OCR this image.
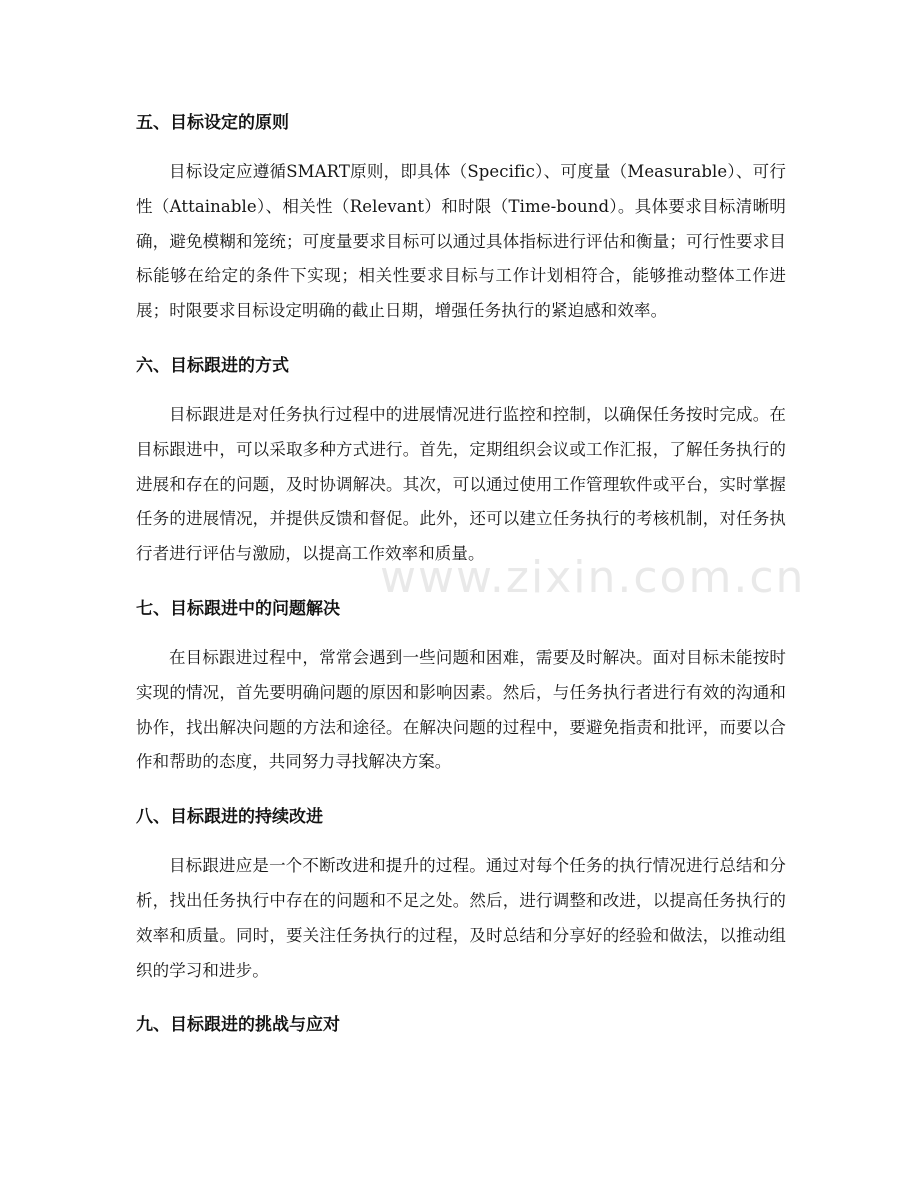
www.zixin.com.cn
五、目标设定的原则

目标设定应遵循SMART原则，即具体（Specific）、可度量（Measurable）、可行性（Attainable）、相关性（Relevant）和时限（Time-bound）。具体要求目标清晰明确，避免模糊和笼统；可度量要求目标可以通过具体指标进行评估和衡量；可行性要求目标能够在给定的条件下实现；相关性要求目标与工作计划相符合，能够推动整体工作进展；时限要求目标设定明确的截止日期，增强任务执行的紧迫感和效率。

六、目标跟进的方式

目标跟进是对任务执行过程中的进展情况进行监控和控制，以确保任务按时完成。在目标跟进中，可以采取多种方式进行。首先，定期组织会议或工作汇报，了解任务执行的进展和存在的问题，及时协调解决。其次，可以通过使用工作管理软件或平台，实时掌握任务的进展情况，并提供反馈和督促。此外，还可以建立任务执行的考核机制，对任务执行者进行评估与激励，以提高工作效率和质量。

七、目标跟进中的问题解决

在目标跟进过程中，常常会遇到一些问题和困难，需要及时解决。面对目标未能按时实现的情况，首先要明确问题的原因和影响因素。然后，与任务执行者进行有效的沟通和协作，找出解决问题的方法和途径。在解决问题的过程中，要避免指责和批评，而要以合作和帮助的态度，共同努力寻找解决方案。

八、目标跟进的持续改进

目标跟进应是一个不断改进和提升的过程。通过对每个任务的执行情况进行总结和分析，找出任务执行中存在的问题和不足之处。然后，进行调整和改进，以提高任务执行的效率和质量。同时，要关注任务执行的过程，及时总结和分享好的经验和做法，以推动组织的学习和进步。

九、目标跟进的挑战与应对
